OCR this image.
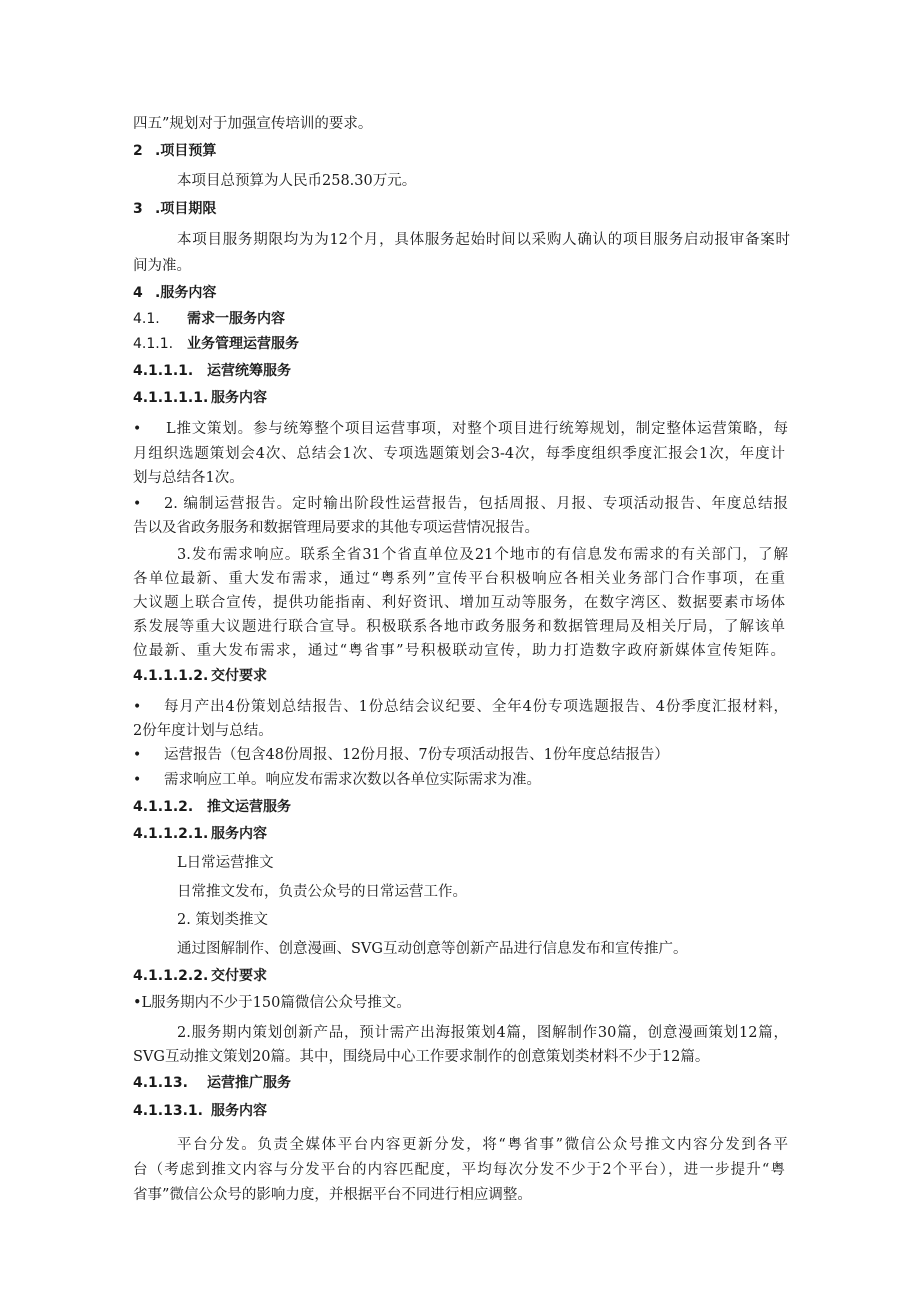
四五”规划对于加强宣传培训的要求。
2 .项目预算
本项目总预算为人民币258.30万元。
3 .项目期限
本项目服务期限均为为12个月，具体服务起始时间以采购人确认的项目服务启动报审备案时
间为准。
4 .服务内容
4.1. 需求一服务内容
4.1.1. 业务管理运营服务
4.1.1.1. 运营统筹服务
4.1.1.1.1. 服务内容
• L推文策划。参与统筹整个项目运营事项，对整个项目进行统筹规划，制定整体运营策略，每
月组织选题策划会4次、总结会1次、专项选题策划会3-4次，每季度组织季度汇报会1次，年度计
划与总结各1次。
• 2. 编制运营报告。定时输出阶段性运营报告，包括周报、月报、专项活动报告、年度总结报
告以及省政务服务和数据管理局要求的其他专项运营情况报告。
3.发布需求响应。联系全省31个省直单位及21个地市的有信息发布需求的有关部门，了解
各单位最新、重大发布需求，通过“粤系列”宣传平台积极响应各相关业务部门合作事项，在重
大议题上联合宣传，提供功能指南、利好资讯、增加互动等服务，在数字湾区、数据要素市场体
系发展等重大议题进行联合宣导。积极联系各地市政务服务和数据管理局及相关厅局，了解该单
位最新、重大发布需求，通过“粤省事”号积极联动宣传，助力打造数字政府新媒体宣传矩阵。
4.1.1.1.2. 交付要求
• 每月产出4份策划总结报告、1份总结会议纪要、全年4份专项选题报告、4份季度汇报材料，
2份年度计划与总结。
• 运营报告（包含48份周报、12份月报、7份专项活动报告、1份年度总结报告）
• 需求响应工单。响应发布需求次数以各单位实际需求为准。
4.1.1.2. 推文运营服务
4.1.1.2.1. 服务内容
L日常运营推文
日常推文发布，负责公众号的日常运营工作。
2. 策划类推文
通过图解制作、创意漫画、SVG互动创意等创新产品进行信息发布和宣传推广。
4.1.1.2.2. 交付要求
•L服务期内不少于150篇微信公众号推文。
2.服务期内策划创新产品，预计需产出海报策划4篇，图解制作30篇，创意漫画策划12篇，
SVG互动推文策划20篇。其中，围绕局中心工作要求制作的创意策划类材料不少于12篇。
4.1.13. 运营推广服务
4.1.13.1. 服务内容
平台分发。负责全媒体平台内容更新分发，将“粤省事”微信公众号推文内容分发到各平
台（考虑到推文内容与分发平台的内容匹配度，平均每次分发不少于2个平台），进一步提升“粤
省事”微信公众号的影响力度，并根据平台不同进行相应调整。
